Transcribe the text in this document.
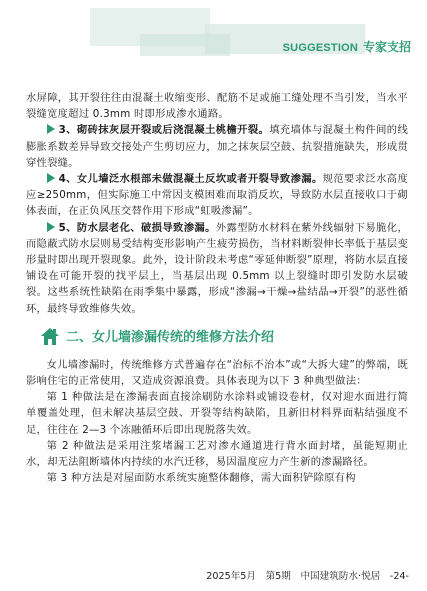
SUGGESTION 专家支招

水屏障，其开裂往往由混凝土收缩变形、配筋不足或施工缝处理不当引发，当水平裂缝宽度超过 0.3mm 时即形成渗水通路。

3、砌砖抹灰层开裂或后浇混凝土桃檐开裂。填充墙体与混凝土构件间的线膨胀系数差异导致交接处产生剪切应力，加之抹灰层空鼓、抗裂措施缺失，形成贯穿性裂缝。

4、女儿墙泛水根部未做混凝土反坎或者开裂导致渗漏。规范要求泛水高度应≥250mm，但实际施工中常因支模困难而取消反坎，导致防水层直接收口于砌体表面，在正负风压交替作用下形成“虹吸渗漏”。

5、防水层老化、破损导致渗漏。外露型防水材料在紫外线辐射下易脆化，而隐蔽式防水层则易受结构变形影响产生疲劳损伤，当材料断裂伸长率低于基层变形量时即出现开裂现象。此外，设计阶段未考虑“零延伸断裂”原理，将防水层直接铺设在可能开裂的找平层上，当基层出现 0.5mm 以上裂缝时即引发防水层破裂。这些系统性缺陷在雨季集中暴露，形成“渗漏→干燥→盐结晶→开裂”的恶性循环，最终导致维修失效。

二、女儿墙渗漏传统的维修方法介绍

女儿墙渗漏时，传统维修方式普遍存在“治标不治本”或“大拆大建”的弊端，既影响住宅的正常使用，又造成资源浪费。具体表现为以下 3 种典型做法：

第 1 种做法是在渗漏表面直接涂刷防水涂料或铺设卷材，仅对迎水面进行简单覆盖处理，但未解决基层空鼓、开裂等结构缺陷，且新旧材料界面粘结强度不足，往往在 2—3 个冻融循环后即出现脱落失效。

第 2 种做法是采用注浆堵漏工艺对渗水通道进行背水面封堵，虽能短期止水，却无法阻断墙体内持续的水汽迁移，易因温度应力产生新的渗漏路径。

第 3 种方法是对屋面防水系统实施整体翻修，需大面积铲除原有构

2025年5月　第5期　中国建筑防水·悦居　-24-
